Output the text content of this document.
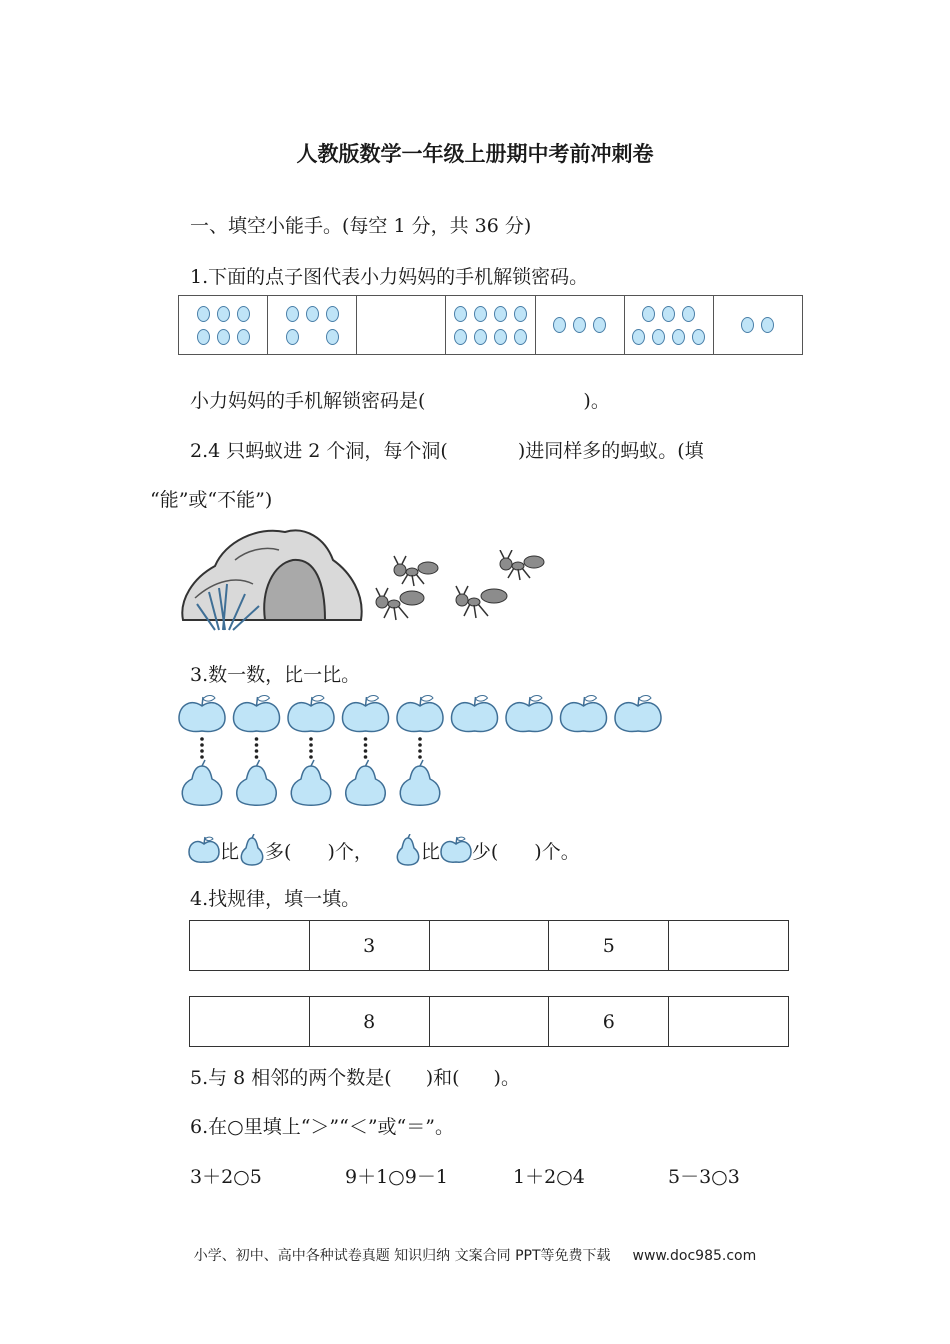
人教版数学一年级上册期中考前冲刺卷
一、填空小能手。(每空 1 分，共 36 分)
1.下面的点子图代表小力妈妈的手机解锁密码。
小力妈妈的手机解锁密码是(	)。
2.4 只蚂蚁进 2 个洞，每个洞(	)进同样多的蚂蚁。(填
“能”或“不能”)
3.数一数，比一比。
比 多( )个，	比 少( )个。
4.找规律，填一填。
	3		5	
	8		6	
5.与 8 相邻的两个数是( )和( )。
6.在○里填上“＞”“＜”或“＝”。
3＋2○5	9＋1○9－1	1＋2○4	5－3○3
小学、初中、高中各种试卷真题 知识归纳 文案合同 PPT等免费下载 www.doc985.com
